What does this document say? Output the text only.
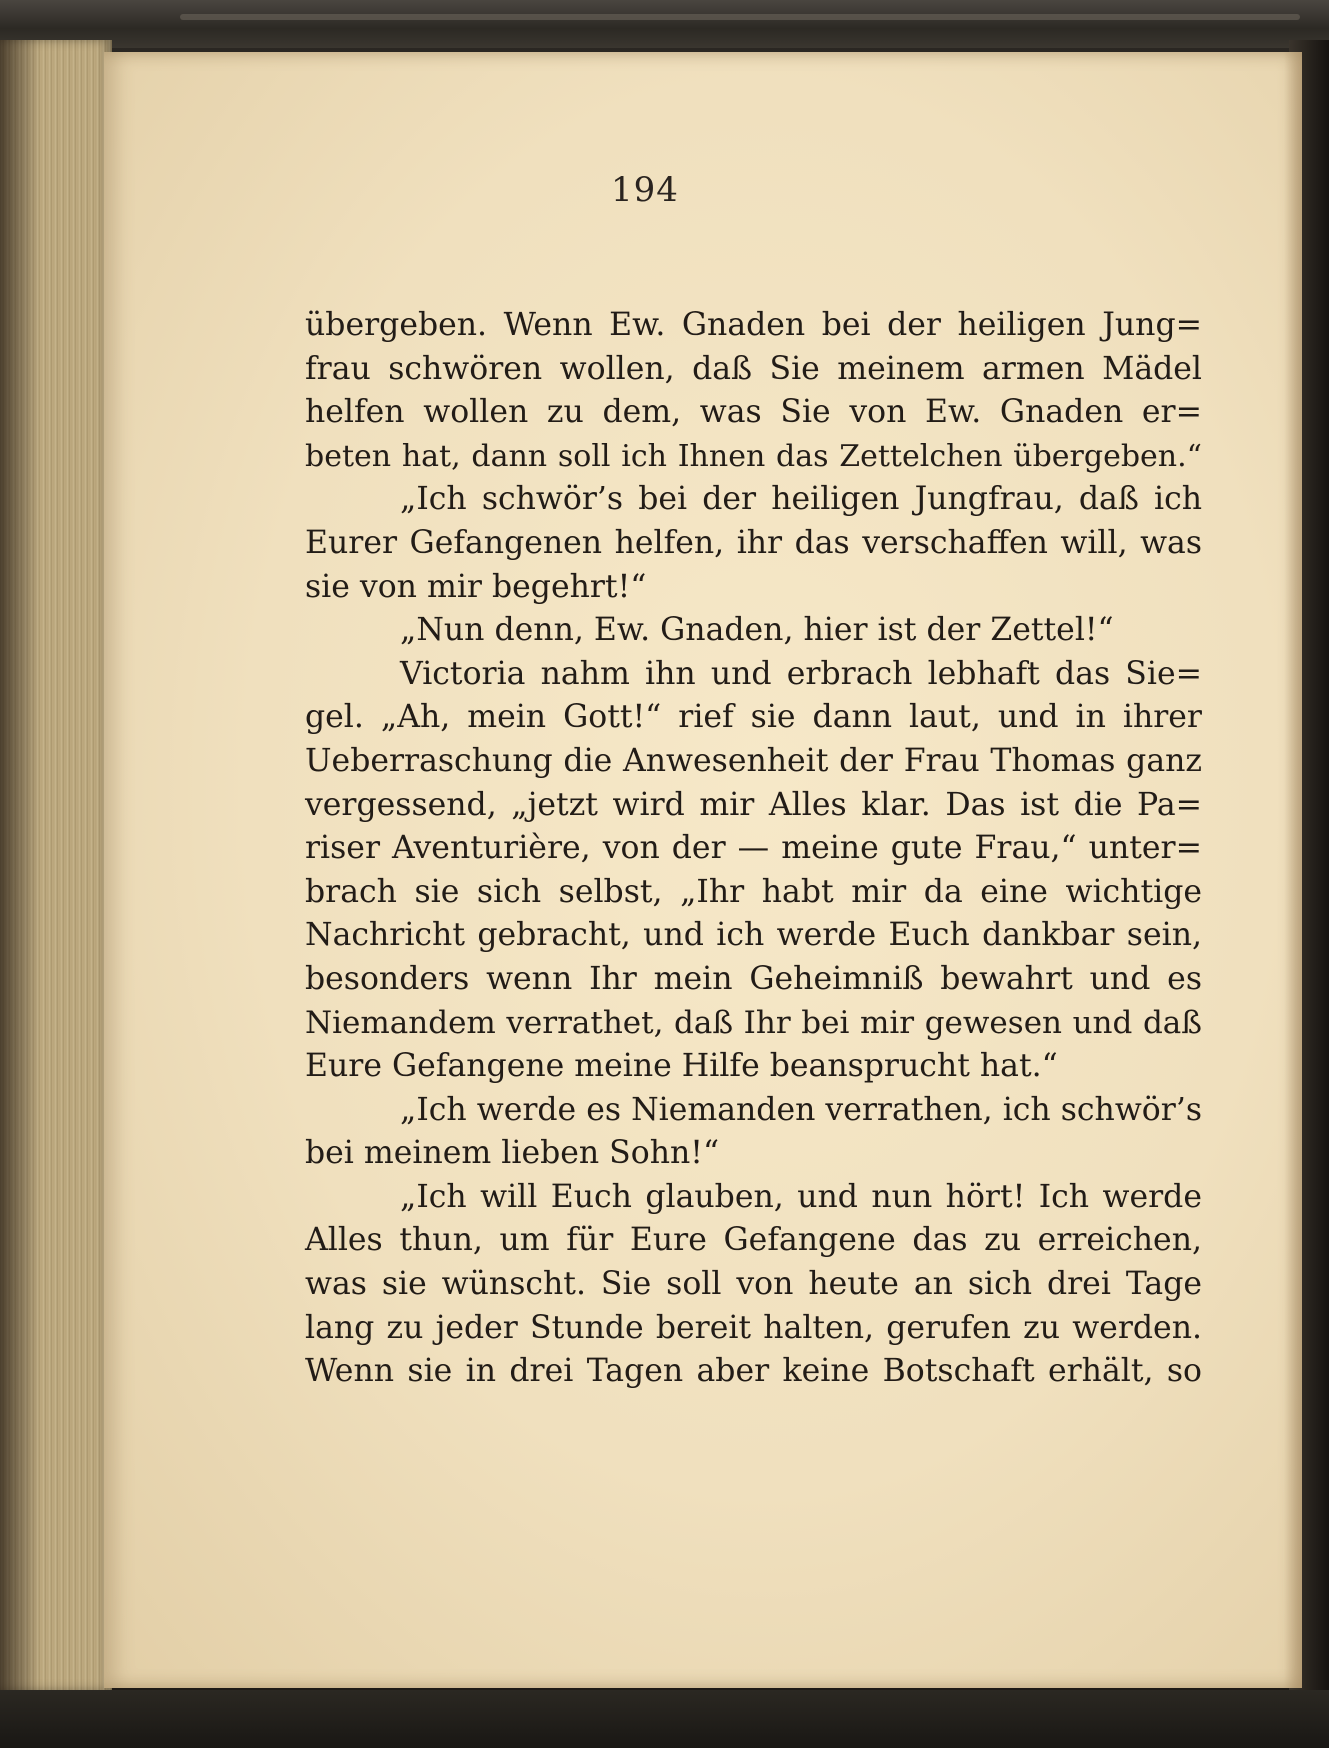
194
übergeben. Wenn Ew. Gnaden bei der heiligen Jung=
frau schwören wollen, daß Sie meinem armen Mädel
helfen wollen zu dem, was Sie von Ew. Gnaden er=
beten hat, dann soll ich Ihnen das Zettelchen übergeben.“
„Ich schwör’s bei der heiligen Jungfrau, daß ich
Eurer Gefangenen helfen, ihr das verschaffen will, was
sie von mir begehrt!“
„Nun denn, Ew. Gnaden, hier ist der Zettel!“
Victoria nahm ihn und erbrach lebhaft das Sie=
gel. „Ah, mein Gott!“ rief sie dann laut, und in ihrer
Ueberraschung die Anwesenheit der Frau Thomas ganz
vergessend, „jetzt wird mir Alles klar. Das ist die Pa=
riser Aventurière, von der — meine gute Frau,“ unter=
brach sie sich selbst, „Ihr habt mir da eine wichtige
Nachricht gebracht, und ich werde Euch dankbar sein,
besonders wenn Ihr mein Geheimniß bewahrt und es
Niemandem verrathet, daß Ihr bei mir gewesen und daß
Eure Gefangene meine Hilfe beansprucht hat.“
„Ich werde es Niemanden verrathen, ich schwör’s
bei meinem lieben Sohn!“
„Ich will Euch glauben, und nun hört! Ich werde
Alles thun, um für Eure Gefangene das zu erreichen,
was sie wünscht. Sie soll von heute an sich drei Tage
lang zu jeder Stunde bereit halten, gerufen zu werden.
Wenn sie in drei Tagen aber keine Botschaft erhält, so
